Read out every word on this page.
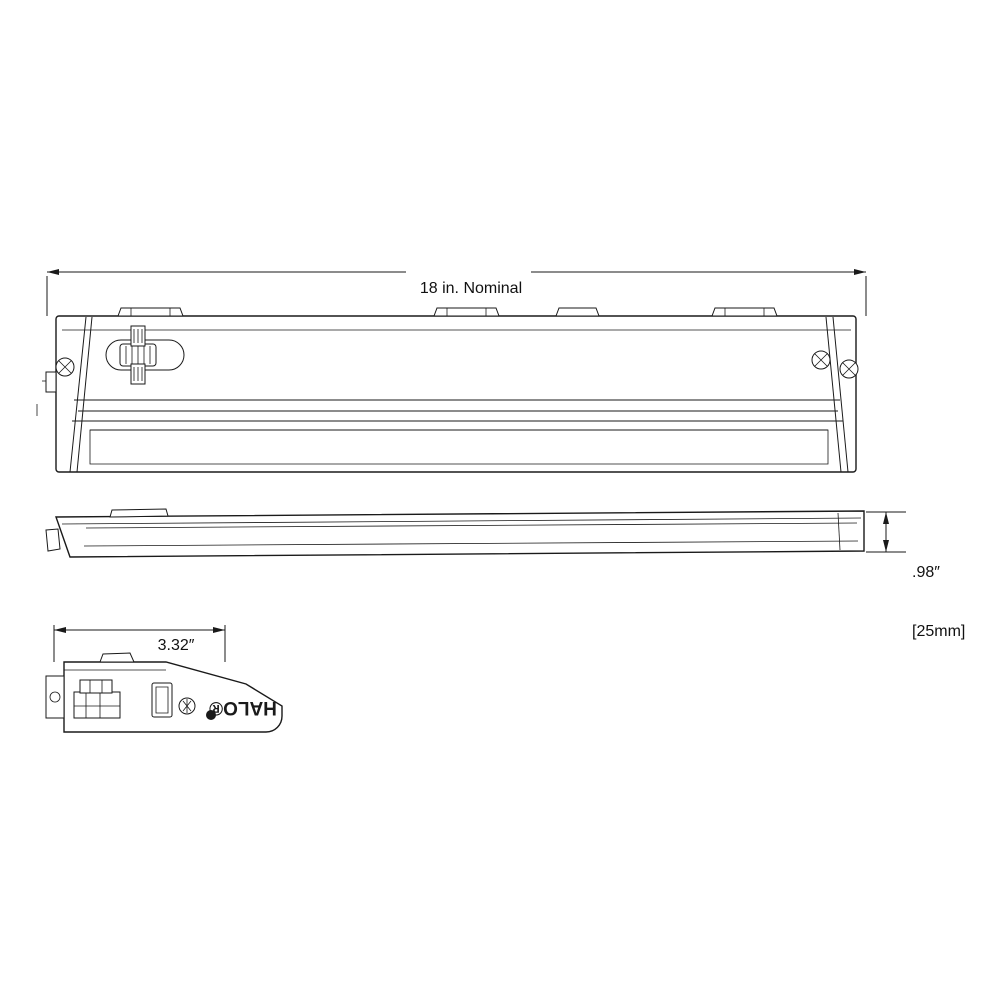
18 in. Nominal

.98″

[25mm]

3.32″

HALO®
